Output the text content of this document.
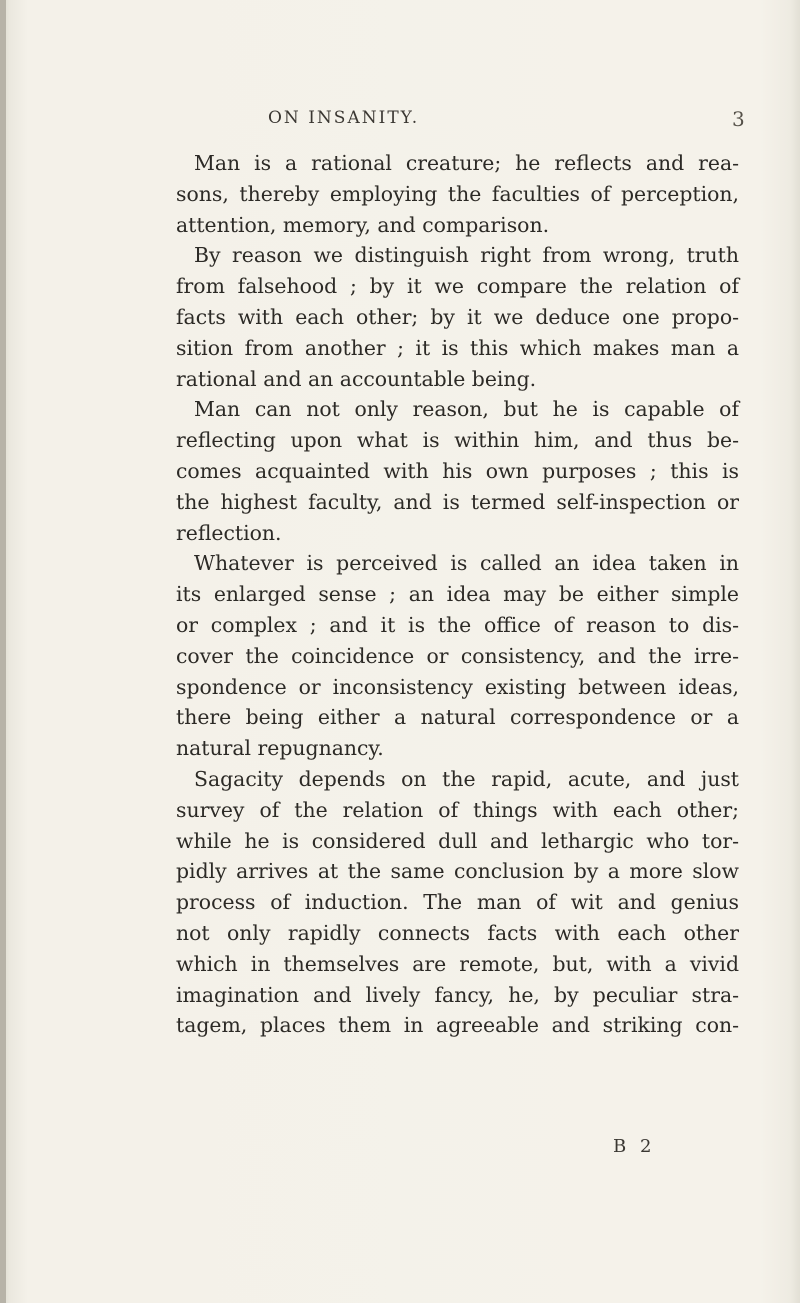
ON INSANITY.	3
Man is a rational creature; he reflects and rea-
sons, thereby employing the faculties of perception,
attention, memory, and comparison.
By reason we distinguish right from wrong, truth
from falsehood ; by it we compare the relation of
facts with each other; by it we deduce one propo-
sition from another ; it is this which makes man a
rational and an accountable being.
Man can not only reason, but he is capable of
reflecting upon what is within him, and thus be-
comes acquainted with his own purposes ; this is
the highest faculty, and is termed self-inspection or
reflection.
Whatever is perceived is called an idea taken in
its enlarged sense ; an idea may be either simple
or complex ; and it is the office of reason to dis-
cover the coincidence or consistency, and the irre-
spondence or inconsistency existing between ideas,
there being either a natural correspondence or a
natural repugnancy.
Sagacity depends on the rapid, acute, and just
survey of the relation of things with each other;
while he is considered dull and lethargic who tor-
pidly arrives at the same conclusion by a more slow
process of induction. The man of wit and genius
not only rapidly connects facts with each other
which in themselves are remote, but, with a vivid
imagination and lively fancy, he, by peculiar stra-
tagem, places them in agreeable and striking con-
B 2
